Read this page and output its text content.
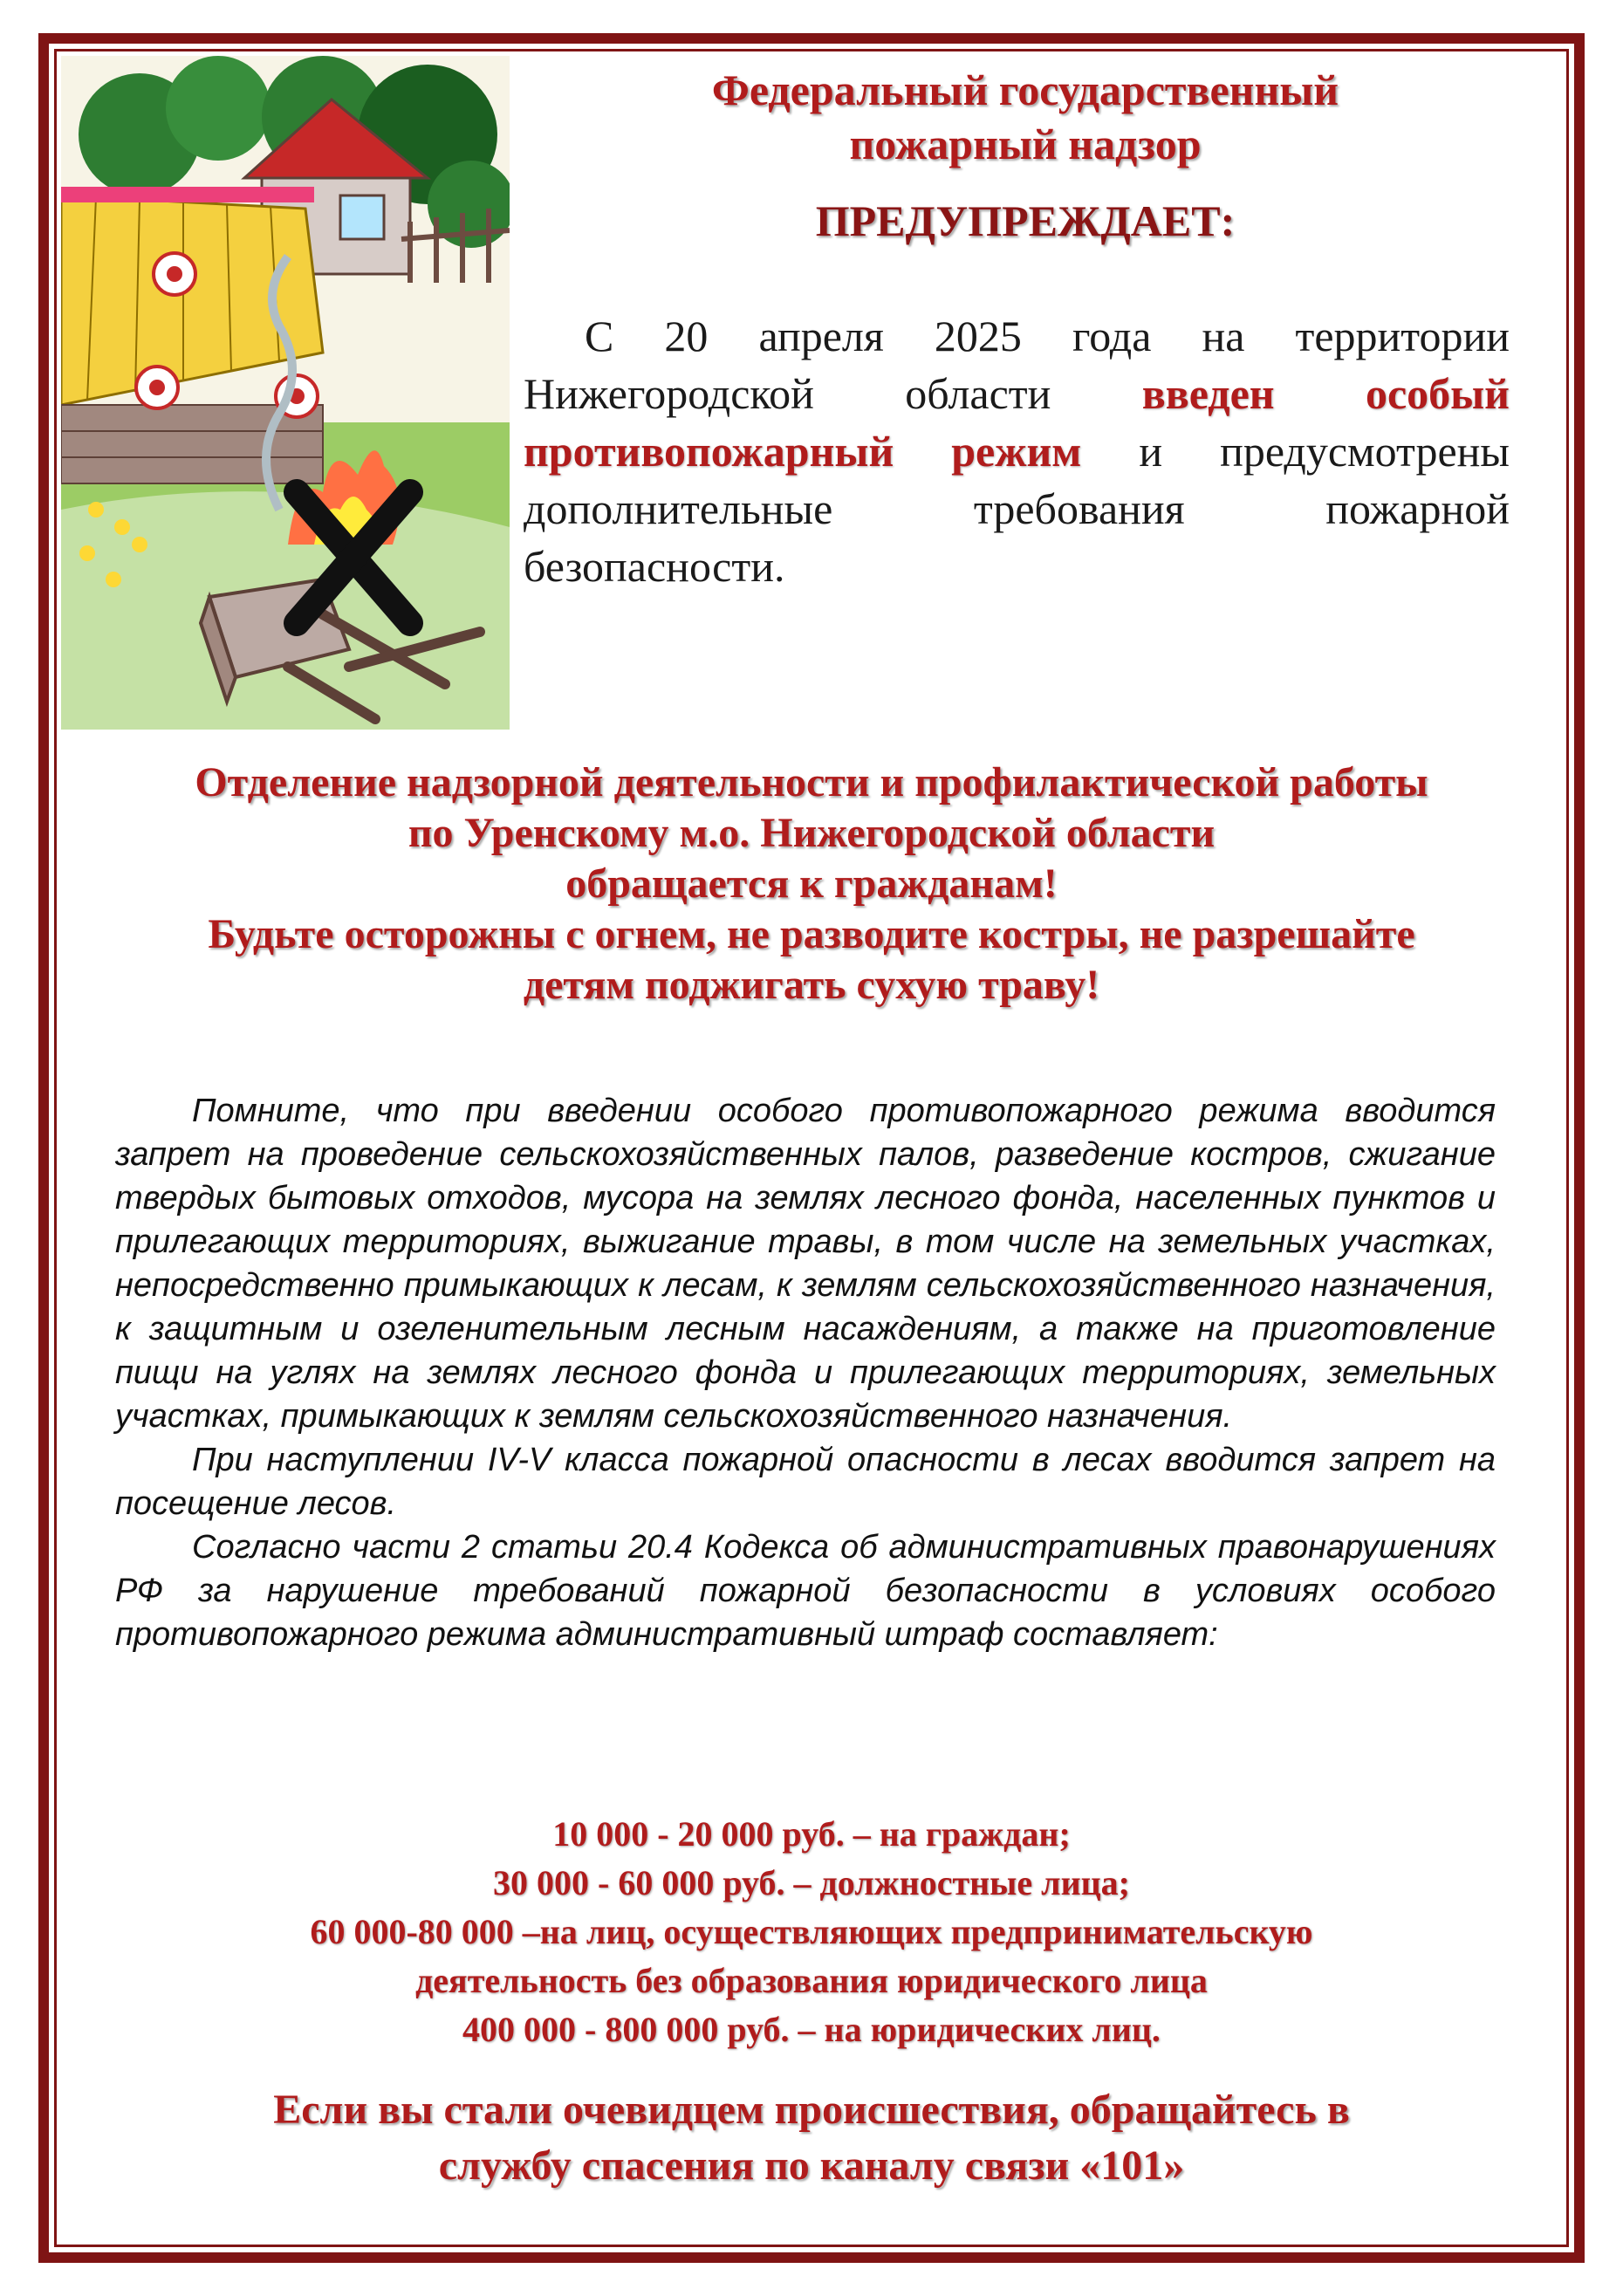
Федеральный государственный
пожарный надзор
ПРЕДУПРЕЖДАЕТ:
С 20 апреля 2025 года на территории Нижегородской области введен особый противопожарный режим и предусмотрены дополнительные требования пожарной безопасности.
Отделение надзорной деятельности и профилактической работы
по Уренскому м.о. Нижегородской области
обращается к гражданам!
Будьте осторожны с огнем, не разводите костры, не разрешайте
детям поджигать сухую траву!

Помните, что при введении особого противопожарного режима вводится запрет на проведение сельскохозяйственных палов, разведение костров, сжигание твердых бытовых отходов, мусора на землях лесного фонда, населенных пунктов и прилегающих территориях, выжигание травы, в том числе на земельных участках, непосредственно примыкающих к лесам, к землям сельскохозяйственного назначения, к защитным и озеленительным лесным насаждениям, а также на приготовление пищи на углях на землях лесного фонда и прилегающих территориях, земельных участках, примыкающих к землям сельскохозяйственного назначения.

При наступлении IV-V класса пожарной опасности в лесах вводится запрет на посещение лесов.

Согласно части 2 статьи 20.4 Кодекса об административных правонарушениях РФ за нарушение требований пожарной безопасности в условиях особого противопожарного режима административный штраф составляет:

10 000 - 20 000 руб. – на граждан;
30 000 - 60 000 руб. – должностные лица;
60 000-80 000 –на лиц, осуществляющих предпринимательскую
деятельность без образования юридического лица
400 000 - 800 000 руб. – на юридических лиц.
Если вы стали очевидцем происшествия, обращайтесь в
службу спасения по каналу связи «101»
